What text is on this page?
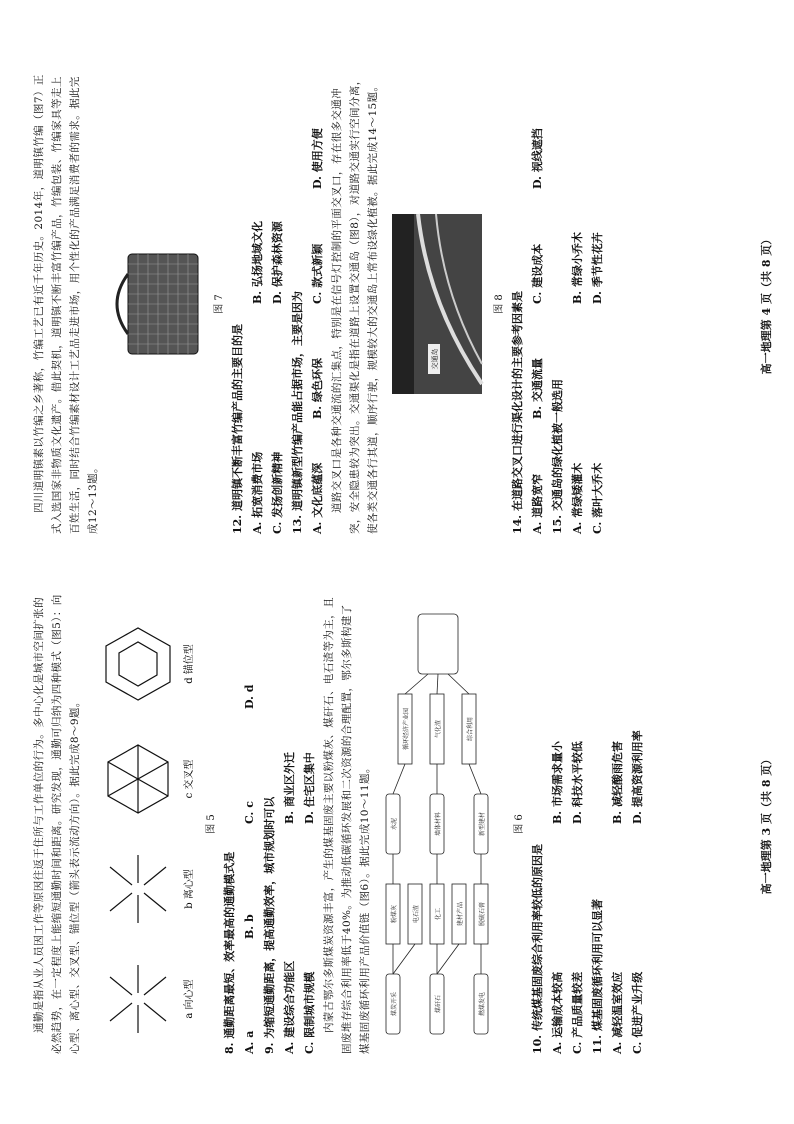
通勤是指从业人员因工作等原因往返于住所与工作单位的行为。多中心化是城市空间扩张的必然趋势，在一定程度上能缩短通勤时间和距离。研究发现，通勤可归纳为四种模式（图5）：向心型、离心型、交叉型、锚位型（箭头表示流动方向）。据此完成8～9题。	a 向心型
b 离心型
c 交叉型
d 锚位型

图 5

8. 通勤距离最短、效率最高的通勤模式是 A. a
B. b
C. c
D. d

9. 为缩短通勤距离，提高通勤效率，城市规划时可以 A. 建设综合功能区
B. 商业区外迁
C. 限制城市规模
D. 住宅区集中 内蒙古鄂尔多斯煤炭资源丰富，产生的煤基固废主要以粉煤灰、煤矸石、电石渣等为主，且固废堆存综合利用率低于40%。为推动低碳循环发展和二次资源的合理配置，鄂尔多斯构建了煤基固废循环利用产品价值链（图6）。据此完成10～11题。	煤炭开采	煤矸石	燃煤发电
粉煤灰	电石渣	化工	建材产品	脱硫石膏
水泥	墙体材料	新型建材
循环经济产业园	气化渣	综合利用

图 6

10. 传统煤基固废综合利用率较低的原因是 A. 运输成本较高
B. 市场需求量小
C. 产品质量较差
D. 科技水平较低

11. 煤基固废循环利用可以显著 A. 减轻温室效应
B. 减轻酸雨危害
C. 促进产业升级
D. 提高资源利用率	高一地理第 3 页（共 8 页）

四川道明镇素以竹编之乡著称，竹编工艺已有近千年历史。2014年，道明镇竹编（图7）正式入选国家非物质文化遗产。借此契机，道明镇不断丰富竹编产品，竹编包装、竹编家具等走上百姓生活，同时结合竹编素材设计工艺品走进市场，用个性化的产品满足消费者的需求。据此完成12～13题。

图 7

12. 道明镇不断丰富竹编产品的主要目的是 A. 拓宽消费市场
B. 弘扬地域文化
C. 发扬创新精神
D. 保护森林资源

13. 道明镇新型竹编产品能占据市场，主要是因为 A. 文化底蕴深
B. 绿色环保
C. 款式新颖
D. 使用方便 道路交叉口是各种交通流的汇集点，特别是在信号灯控制的平面交叉口，存在很多交通冲突，安全隐患较为突出。交通渠化是指在道路上设置交通岛（图8），对道路交通实行空间分离，使各类交通各行其道，顺序行驶，规模较大的交通岛上常布设绿化植被。据此完成14～15题。	交通岛

图 8 14. 在道路交叉口进行渠化设计的主要参考因素是 A. 道路宽窄
B. 交通流量
C. 建设成本
D. 视线遮挡

15. 交通岛的绿化植被一般选用 A. 常绿矮灌木
B. 常绿小乔木
C. 落叶大乔木
D. 季节性花卉	高一地理第 4 页（共 8 页）
